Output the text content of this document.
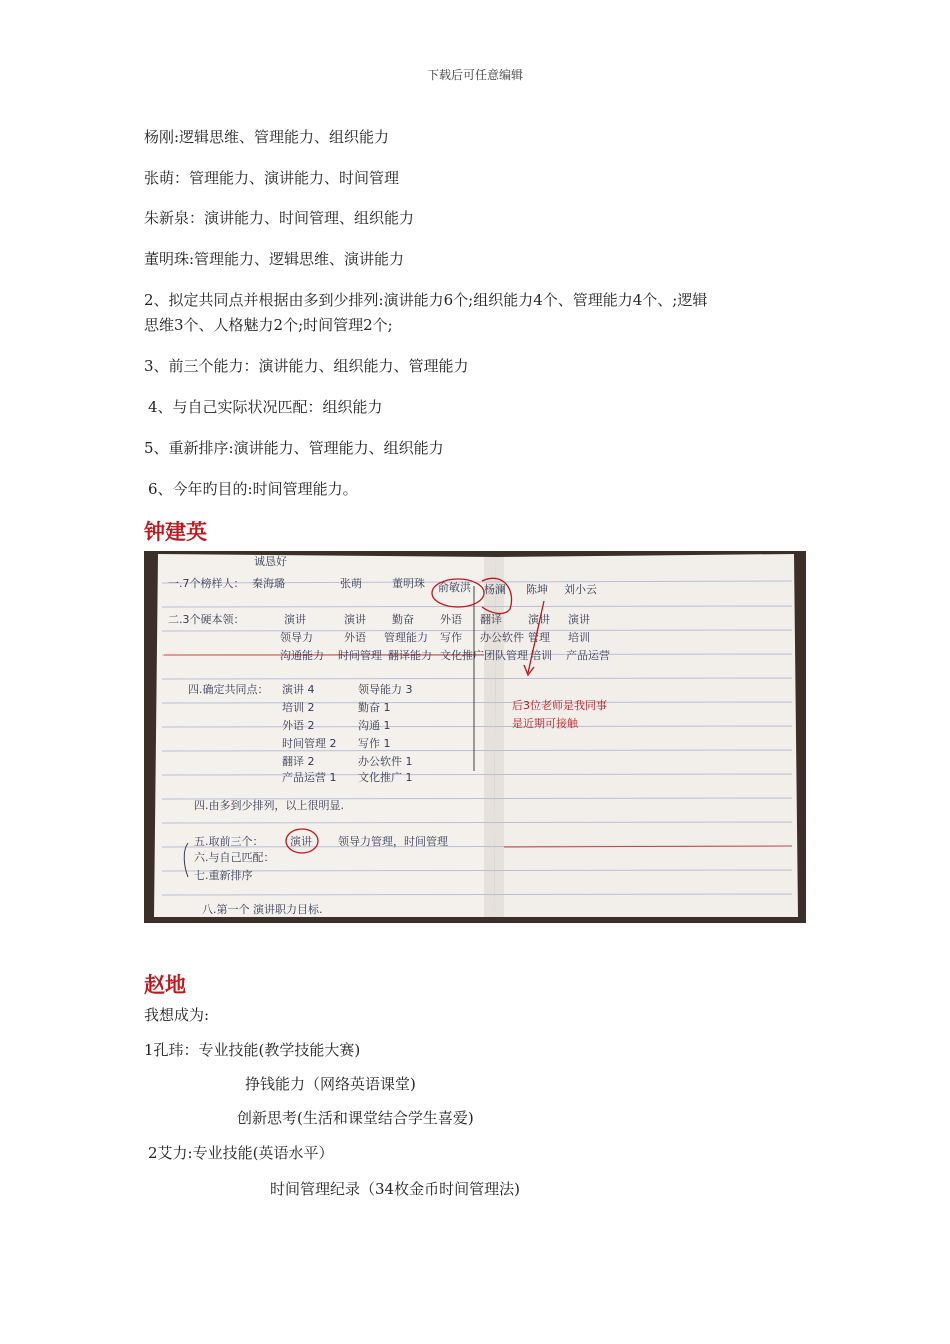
下载后可任意编辑
杨刚:逻辑思维、管理能力、组织能力
张萌：管理能力、演讲能力、时间管理
朱新泉：演讲能力、时间管理、组织能力
董明珠:管理能力、逻辑思维、演讲能力
2、拟定共同点并根据由多到少排列:演讲能力6个;组织能力4个、管理能力4个、;逻辑
思维3个、人格魅力2个;时间管理2个;
3、前三个能力：演讲能力、组织能力、管理能力
4、与自己实际状况匹配：组织能力
5、重新排序:演讲能力、管理能力、组织能力
6、今年旳目的:时间管理能力。
钟建英
诚恳好
一.7个榜样人： 秦海璐	张萌	董明珠 俞敏洪 杨澜 陈坤 刘小云
二.3个硬本领：	演讲	演讲 勤奋 外语 翻译 演讲 演讲
领导力	外语 管理能力 写作 办公软件 管理 培训
沟通能力 时间管理 翻译能力 文化推广 团队管理 培训 产品运营
四.确定共同点： 演讲 4	领导能力 3
培训 2	勤奋 1
外语 2	沟通 1
时间管理 2 写作 1
翻译 2	办公软件 1
产品运营 1 文化推广 1
四.由多到少排列，以上很明显.
五.取前三个： 演讲 领导力管理，时间管理
六.与自己匹配：
七.重新排序
八.第一个 演讲职力目标.
后3位老师是我同事
是近期可接触
赵地
我想成为:
1孔玮：专业技能(教学技能大赛)
挣钱能力（网络英语课堂)
创新思考(生活和课堂结合学生喜爱)
2艾力:专业技能(英语水平）
时间管理纪录（34枚金币时间管理法)
